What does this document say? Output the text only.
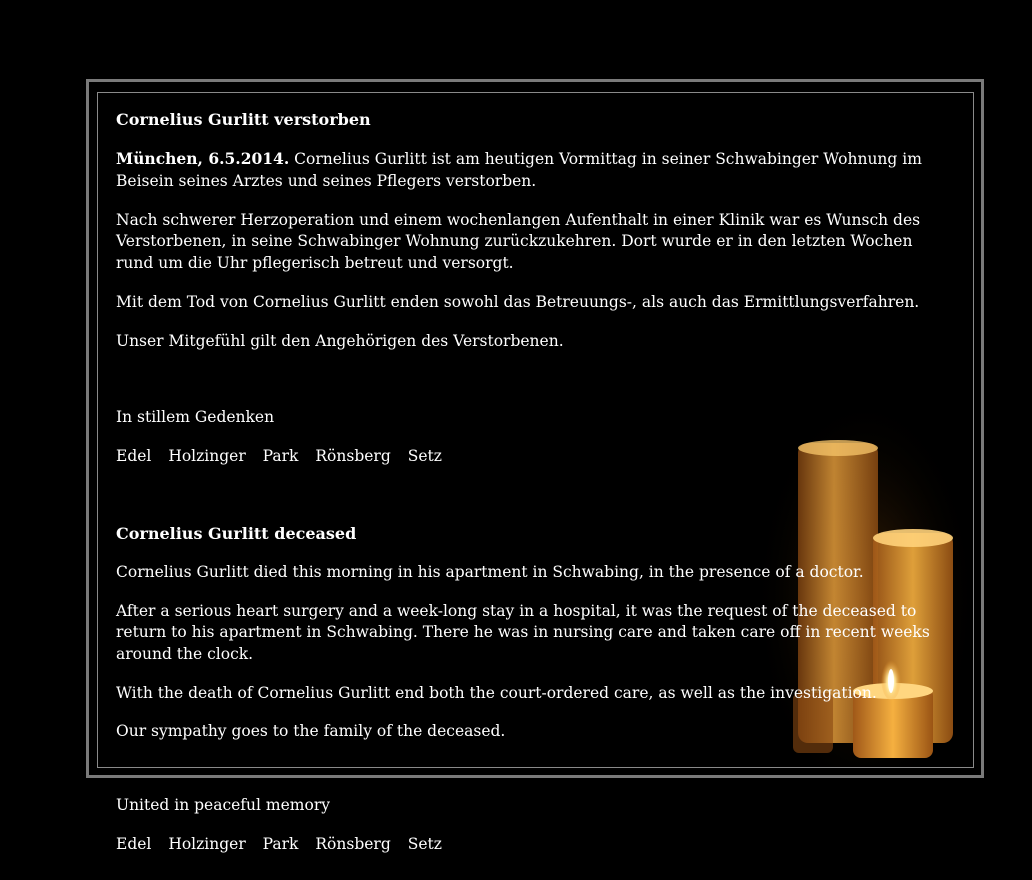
Cornelius Gurlitt verstorben

München, 6.5.2014. Cornelius Gurlitt ist am heutigen Vormittag in seiner Schwabinger Wohnung im Beisein seines Arztes und seines Pflegers verstorben.

Nach schwerer Herzoperation und einem wochenlangen Aufenthalt in einer Klinik war es Wunsch des Verstorbenen, in seine Schwabinger Wohnung zurückzukehren. Dort wurde er in den letzten Wochen rund um die Uhr pflegerisch betreut und versorgt.

Mit dem Tod von Cornelius Gurlitt enden sowohl das Betreuungs-, als auch das Ermittlungsverfahren.

Unser Mitgefühl gilt den Angehörigen des Verstorbenen.

In stillem Gedenken

Edel Holzinger Park Rönsberg Setz

Cornelius Gurlitt deceased

Cornelius Gurlitt died this morning in his apartment in Schwabing, in the presence of a doctor.

After a serious heart surgery and a week-long stay in a hospital, it was the request of the deceased to return to his apartment in Schwabing. There he was in nursing care and taken care off in recent weeks around the clock.

With the death of Cornelius Gurlitt end both the court-ordered care, as well as the investigation.

Our sympathy goes to the family of the deceased.

United in peaceful memory

Edel Holzinger Park Rönsberg Setz
